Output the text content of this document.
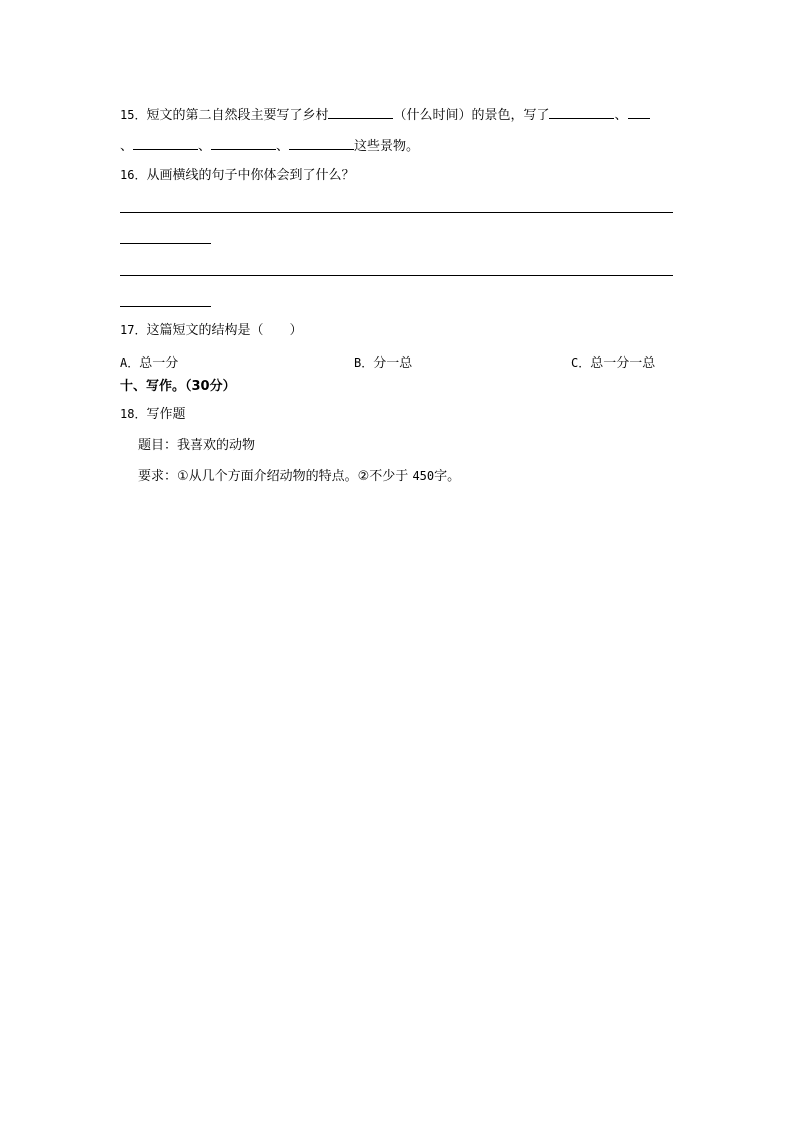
15．短文的第二自然段主要写了乡村	（什么时间）的景色，写了	、
、	、	、	这些景物。
16．从画横线的句子中你体会到了什么？
17．这篇短文的结构是（　　）
A．总一分	B．分一总	C．总一分一总
十、写作。（30分）
18．写作题
题目：我喜欢的动物
要求：①从几个方面介绍动物的特点。②不少于 450字。
